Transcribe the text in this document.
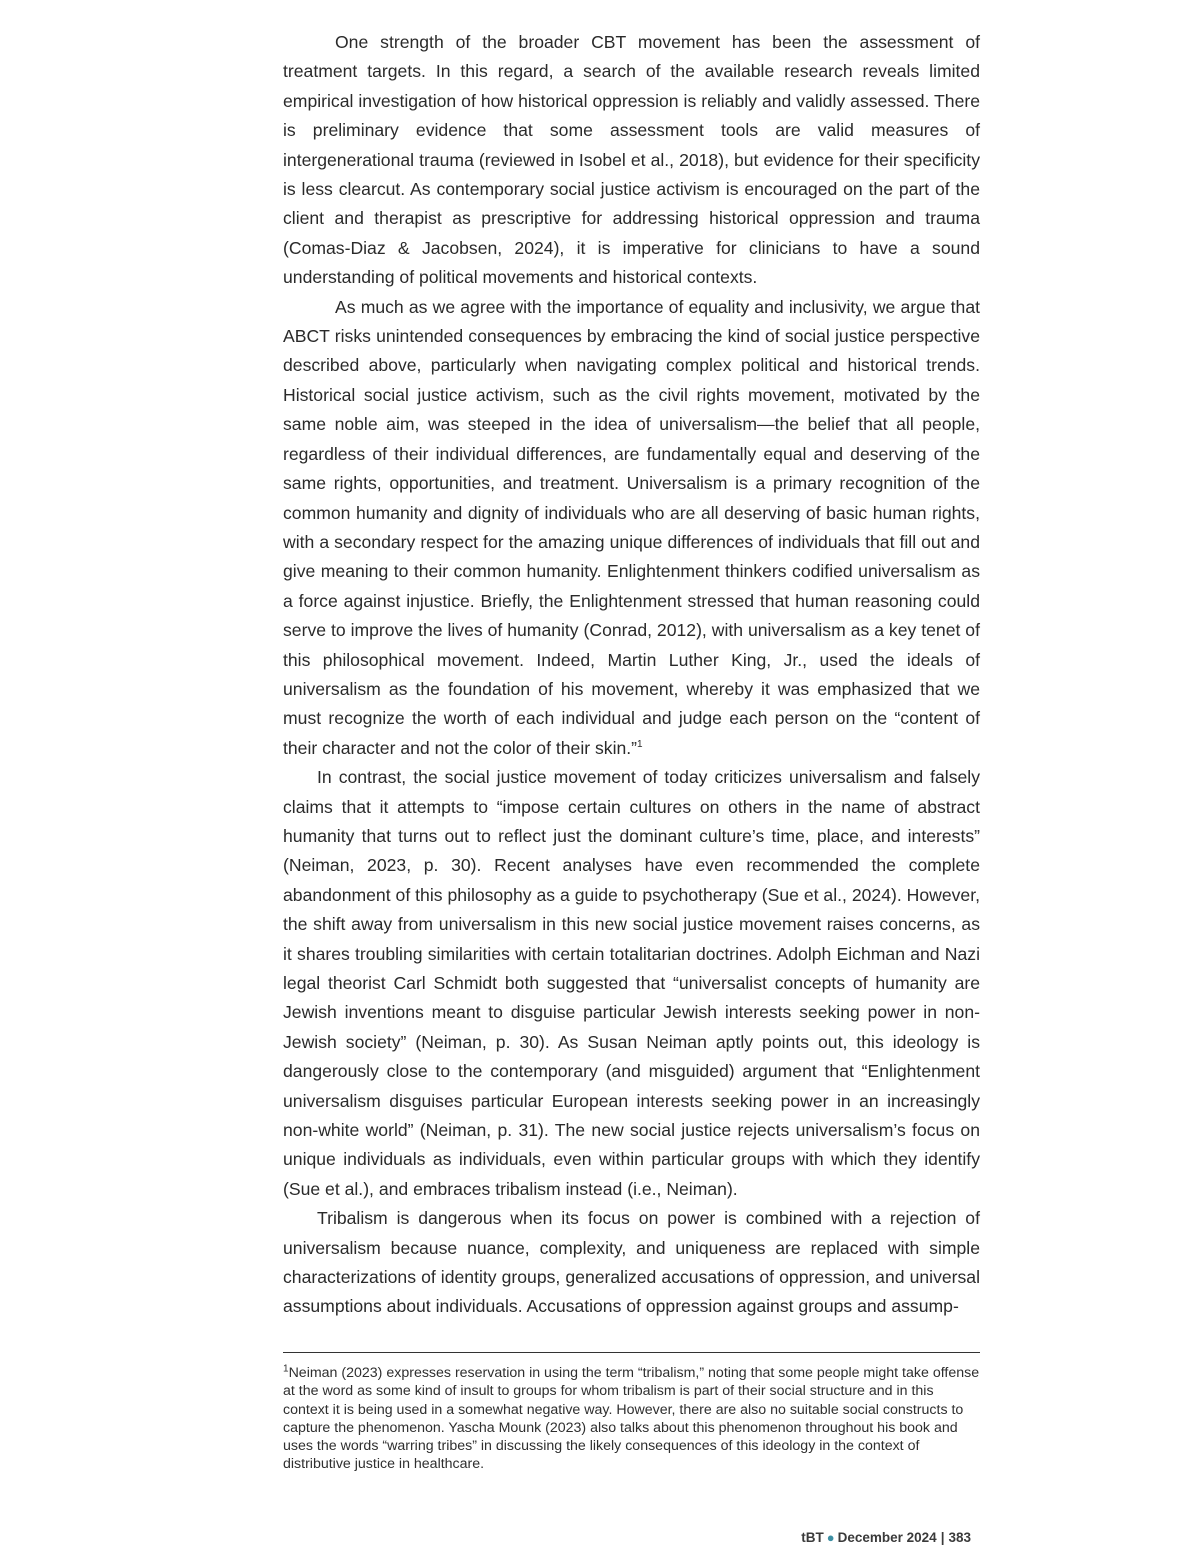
One strength of the broader CBT movement has been the assessment of treatment targets. In this regard, a search of the available research reveals limited empirical investigation of how historical oppression is reliably and validly assessed. There is preliminary evidence that some assessment tools are valid measures of intergenerational trauma (reviewed in Isobel et al., 2018), but evidence for their specificity is less clearcut. As contemporary social justice activism is encouraged on the part of the client and therapist as prescriptive for addressing historical oppression and trauma (Comas-Diaz & Jacobsen, 2024), it is imperative for clinicians to have a sound understanding of political movements and historical contexts.

As much as we agree with the importance of equality and inclusivity, we argue that ABCT risks unintended consequences by embracing the kind of social justice perspective described above, particularly when navigating complex political and historical trends. Historical social justice activism, such as the civil rights movement, motivated by the same noble aim, was steeped in the idea of universalism—the belief that all people, regardless of their individual differences, are fundamentally equal and deserving of the same rights, opportunities, and treatment. Universalism is a primary recognition of the common humanity and dignity of individuals who are all deserving of basic human rights, with a secondary respect for the amazing unique differences of individuals that fill out and give meaning to their common humanity. Enlightenment thinkers codified universalism as a force against injustice. Briefly, the Enlightenment stressed that human reasoning could serve to improve the lives of humanity (Conrad, 2012), with universalism as a key tenet of this philosophical movement. Indeed, Martin Luther King, Jr., used the ideals of universalism as the foundation of his movement, whereby it was emphasized that we must recognize the worth of each individual and judge each person on the “content of their character and not the color of their skin.”$^1$

In contrast, the social justice movement of today criticizes universalism and falsely claims that it attempts to “impose certain cultures on others in the name of abstract humanity that turns out to reflect just the dominant culture’s time, place, and interests” (Neiman, 2023, p. 30). Recent analyses have even recommended the complete abandonment of this philosophy as a guide to psychotherapy (Sue et al., 2024). However, the shift away from universalism in this new social justice movement raises concerns, as it shares troubling similarities with certain totalitarian doctrines. Adolph Eichman and Nazi legal theorist Carl Schmidt both suggested that “universalist concepts of humanity are Jewish inventions meant to disguise particular Jewish interests seeking power in non-Jewish society” (Neiman, p. 30). As Susan Neiman aptly points out, this ideology is dangerously close to the contemporary (and misguided) argument that “Enlightenment universalism disguises particular European interests seeking power in an increasingly non-white world” (Neiman, p. 31). The new social justice rejects universalism’s focus on unique individuals as individuals, even within particular groups with which they identify (Sue et al.), and embraces tribalism instead (i.e., Neiman).

Tribalism is dangerous when its focus on power is combined with a rejection of universalism because nuance, complexity, and uniqueness are replaced with simple characterizations of identity groups, generalized accusations of oppression, and universal assumptions about individuals. Accusations of oppression against groups and assump-

$^1$Neiman (2023) expresses reservation in using the term “tribalism,” noting that some people might take offense at the word as some kind of insult to groups for whom tribalism is part of their social structure and in this context it is being used in a somewhat negative way. However, there are also no suitable social constructs to capture the phenomenon. Yascha Mounk (2023) also talks about this phenomenon throughout his book and uses the words “warring tribes” in discussing the likely consequences of this ideology in the context of distributive justice in healthcare.

tBT ● December 2024 | 383
